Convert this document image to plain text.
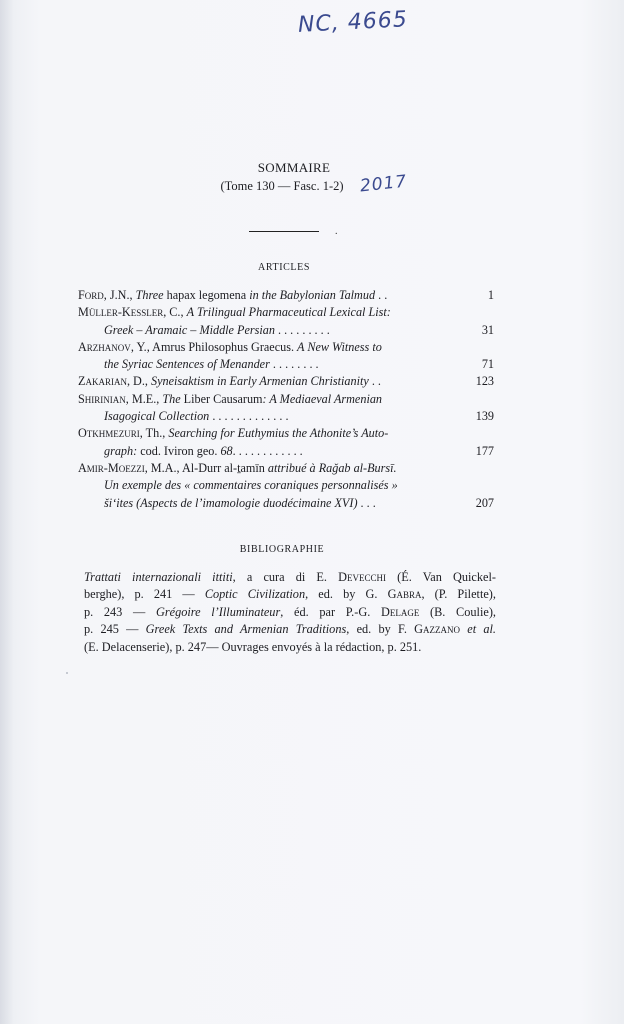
NC, 4665
SOMMAIRE
(Tome 130 — Fasc. 1-2) 2017
.
ARTICLES
Ford, J.N., Three hapax legomena in the Babylonian Talmud . .	1
Müller-Kessler, C., A Trilingual Pharmaceutical Lexical List:
Greek – Aramaic – Middle Persian . . . . . . . . .	31
Arzhanov, Y., Amrus Philosophus Graecus. A New Witness to
the Syriac Sentences of Menander . . . . . . . .	71
Zakarian, D., Syneisaktism in Early Armenian Christianity . .	123
Shirinian, M.E., The Liber Causarum: A Mediaeval Armenian
Isagogical Collection . . . . . . . . . . . . .	139
Otkhmezuri, Th., Searching for Euthymius the Athonite’s Auto-
graph: cod. Iviron geo. 68. . . . . . . . . . . .	177
Amir-Moezzi, M.A., Al-Durr al-ṯamīn attribué à Raǧab al-Bursī.
Un exemple des « commentaires coraniques personnalisés »
ši‘ites (Aspects de l’imamologie duodécimaine XVI) . . .	207
BIBLIOGRAPHIE
Trattati internazionali ittiti, a cura di E. Devecchi (É. Van Quickel-
berghe), p. 241 — Coptic Civilization, ed. by G. Gabra, (P. Pilette),
p. 243 — Grégoire l’Illuminateur, éd. par P.-G. Delage (B. Coulie),
p. 245 — Greek Texts and Armenian Traditions, ed. by F. Gazzano et al.
(E. Delacenserie), p. 247— Ouvrages envoyés à la rédaction, p. 251.
